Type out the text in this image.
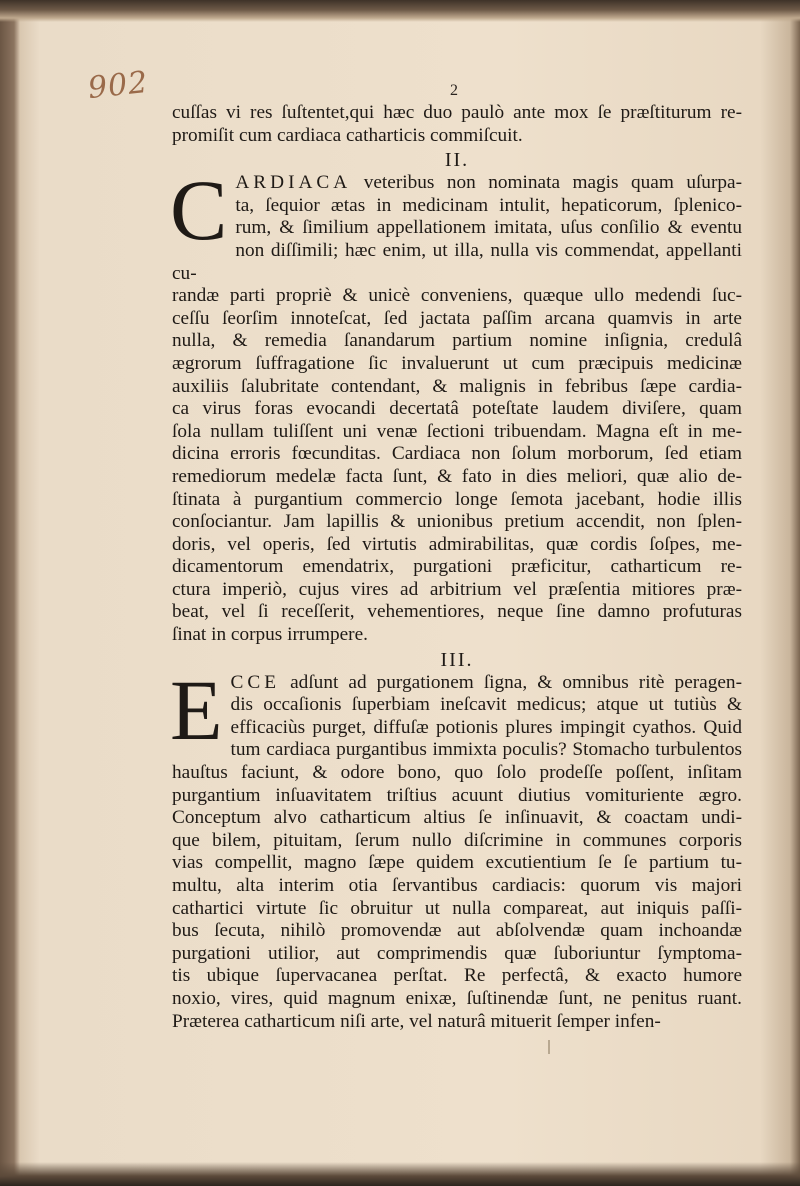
902	2

cuſſas vi res ſuſtentet,qui hæc duo paulò ante mox ſe præſtiturum re-

promiſit cum cardiaca catharticis commiſcuit.

II.
C ARDIACA veteribus non nominata magis quam uſurpa-

ta, ſequior ætas in medicinam intulit, hepaticorum, ſplenico-

rum, & ſimilium appellationem imitata, uſus conſilio & eventu

non diſſimili; hæc enim, ut illa, nulla vis commendat, appellanti cu-

randæ parti propriè & unicè conveniens, quæque ullo medendi ſuc-

ceſſu ſeorſim innoteſcat, ſed jactata paſſim arcana quamvis in arte

nulla, & remedia ſanandarum partium nomine inſignia, credulâ

ægrorum ſuffragatione ſic invaluerunt ut cum præcipuis medicinæ

auxiliis ſalubritate contendant, & malignis in febribus ſæpe cardia-

ca virus foras evocandi decertatâ poteſtate laudem diviſere, quam

ſola nullam tuliſſent uni venæ ſectioni tribuendam. Magna eſt in me-

dicina erroris fœcunditas. Cardiaca non ſolum morborum, ſed etiam

remediorum medelæ facta ſunt, & fato in dies meliori, quæ alio de-

ſtinata à purgantium commercio longe ſemota jacebant, hodie illis

conſociantur. Jam lapillis & unionibus pretium accendit, non ſplen-

doris, vel operis, ſed virtutis admirabilitas, quæ cordis ſoſpes, me-

dicamentorum emendatrix, purgationi præficitur, catharticum re-

ctura imperiò, cujus vires ad arbitrium vel præſentia mitiores præ-

beat, vel ſi receſſerit, vehementiores, neque ſine damno profuturas

ſinat in corpus irrumpere.

III.
E CCE adſunt ad purgationem ſigna, & omnibus ritè peragen-

dis occaſionis ſuperbiam ineſcavit medicus; atque ut tutiùs &

efficaciùs purget, diffuſæ potionis plures impingit cyathos. Quid

tum cardiaca purgantibus immixta poculis? Stomacho turbulentos

hauſtus faciunt, & odore bono, quo ſolo prodeſſe poſſent, inſitam

purgantium inſuavitatem triſtius acuunt diutius vomituriente ægro.

Conceptum alvo catharticum altius ſe inſinuavit, & coactam undi-

que bilem, pituitam, ſerum nullo diſcrimine in communes corporis

vias compellit, magno ſæpe quidem excutientium ſe ſe partium tu-

multu, alta interim otia ſervantibus cardiacis: quorum vis majori

cathartici virtute ſic obruitur ut nulla compareat, aut iniquis paſſi-

bus ſecuta, nihilò promovendæ aut abſolvendæ quam inchoandæ

purgationi utilior, aut comprimendis quæ ſuboriuntur ſymptoma-

tis ubique ſupervacanea perſtat. Re perfectâ, & exacto humore

noxio, vires, quid magnum enixæ, ſuſtinendæ ſunt, ne penitus ruant.

Præterea catharticum niſi arte, vel naturâ mituerit ſemper infen-
